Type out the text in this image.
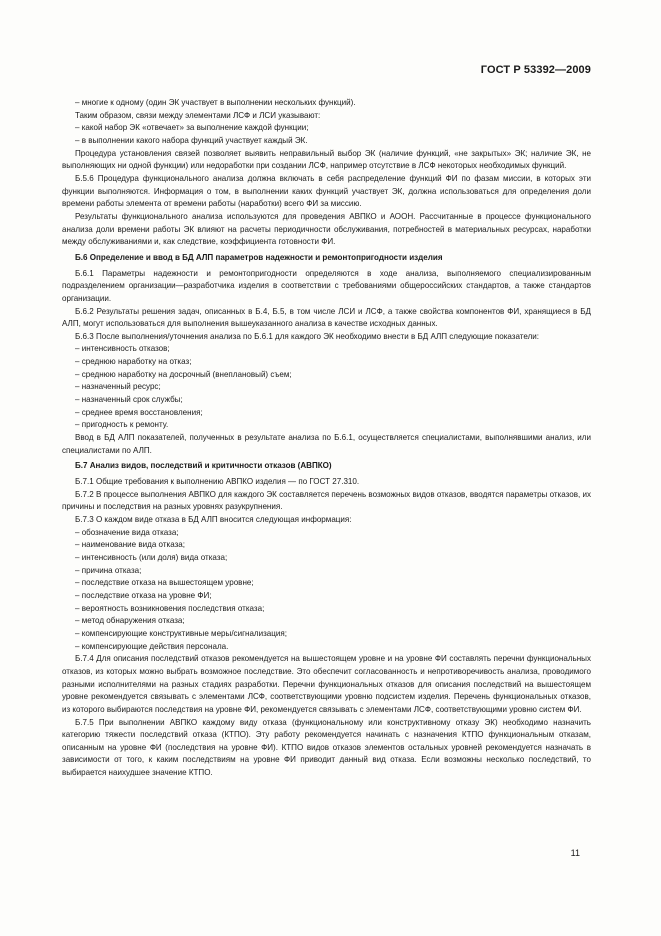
ГОСТ Р 53392—2009

– многие к одному (один ЭК участвует в выполнении нескольких функций).

Таким образом, связи между элементами ЛСФ и ЛСИ указывают:

– какой набор ЭК «отвечает» за выполнение каждой функции;

– в выполнении какого набора функций участвует каждый ЭК.

Процедура установления связей позволяет выявить неправильный выбор ЭК (наличие функций, «не закрытых» ЭК; наличие ЭК, не выполняющих ни одной функции) или недоработки при создании ЛСФ, например отсутствие в ЛСФ некоторых необходимых функций.

Б.5.6 Процедура функционального анализа должна включать в себя распределение функций ФИ по фазам миссии, в которых эти функции выполняются. Информация о том, в выполнении каких функций участвует ЭК, должна использоваться для определения доли времени работы элемента от времени работы (наработки) всего ФИ за миссию.

Результаты функционального анализа используются для проведения АВПКО и АООН. Рассчитанные в процессе функционального анализа доли времени работы ЭК влияют на расчеты периодичности обслуживания, потребностей в материальных ресурсах, наработки между обслуживаниями и, как следствие, коэффициента готовности ФИ.

Б.6 Определение и ввод в БД АЛП параметров надежности и ремонтопригодности изделия

Б.6.1 Параметры надежности и ремонтопригодности определяются в ходе анализа, выполняемого специализированным подразделением организации—разработчика изделия в соответствии с требованиями общероссийских стандартов, а также стандартов организации.

Б.6.2 Результаты решения задач, описанных в Б.4, Б.5, в том числе ЛСИ и ЛСФ, а также свойства компонентов ФИ, хранящиеся в БД АЛП, могут использоваться для выполнения вышеуказанного анализа в качестве исходных данных.

Б.6.3 После выполнения/уточнения анализа по Б.6.1 для каждого ЭК необходимо внести в БД АЛП следующие показатели:

– интенсивность отказов;

– среднюю наработку на отказ;

– среднюю наработку на досрочный (внеплановый) съем;

– назначенный ресурс;

– назначенный срок службы;

– среднее время восстановления;

– пригодность к ремонту.

Ввод в БД АЛП показателей, полученных в результате анализа по Б.6.1, осуществляется специалистами, выполнявшими анализ, или специалистами по АЛП.

Б.7 Анализ видов, последствий и критичности отказов (АВПКО)

Б.7.1 Общие требования к выполнению АВПКО изделия — по ГОСТ 27.310.

Б.7.2 В процессе выполнения АВПКО для каждого ЭК составляется перечень возможных видов отказов, вводятся параметры отказов, их причины и последствия на разных уровнях разукрупнения.

Б.7.3 О каждом виде отказа в БД АЛП вносится следующая информация:

– обозначение вида отказа;

– наименование вида отказа;

– интенсивность (или доля) вида отказа;

– причина отказа;

– последствие отказа на вышестоящем уровне;

– последствие отказа на уровне ФИ;

– вероятность возникновения последствия отказа;

– метод обнаружения отказа;

– компенсирующие конструктивные меры/сигнализация;

– компенсирующие действия персонала.

Б.7.4 Для описания последствий отказов рекомендуется на вышестоящем уровне и на уровне ФИ составлять перечни функциональных отказов, из которых можно выбрать возможное последствие. Это обеспечит согласованность и непротиворечивость анализа, проводимого разными исполнителями на разных стадиях разработки. Перечни функциональных отказов для описания последствий на вышестоящем уровне рекомендуется связывать с элементами ЛСФ, соответствующими уровню подсистем изделия. Перечень функциональных отказов, из которого выбираются последствия на уровне ФИ, рекомендуется связывать с элементами ЛСФ, соответствующими уровню систем ФИ.

Б.7.5 При выполнении АВПКО каждому виду отказа (функциональному или конструктивному отказу ЭК) необходимо назначить категорию тяжести последствий отказа (КТПО). Эту работу рекомендуется начинать с назначения КТПО функциональным отказам, описанным на уровне ФИ (последствия на уровне ФИ). КТПО видов отказов элементов остальных уровней рекомендуется назначать в зависимости от того, к каким последствиям на уровне ФИ приводит данный вид отказа. Если возможны несколько последствий, то выбирается наихудшее значение КТПО.

11
